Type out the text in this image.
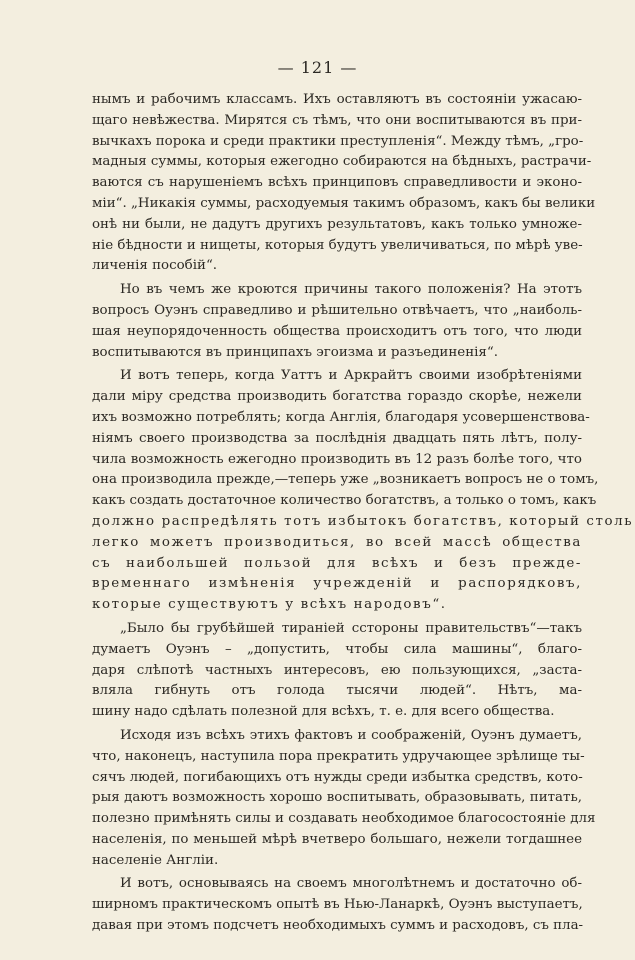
— 121 —
нымъ и рабочимъ классамъ. Ихъ оставляютъ въ состояніи ужасаю-
щаго невѣжества. Мирятся съ тѣмъ, что они воспитываются въ при-
вычкахъ порока и среди практики преступленія“. Между тѣмъ, „гро-
мадныя суммы, которыя ежегодно собираются на бѣдныхъ, растрачи-
ваются съ нарушеніемъ всѣхъ принциповъ справедливости и эконо-
міи“. „Никакія суммы, расходуемыя такимъ образомъ, какъ бы велики
онѣ ни были, не дадутъ другихъ результатовъ, какъ только умноже-
ніе бѣдности и нищеты, которыя будутъ увеличиваться, по мѣрѣ уве-
личенія пособій“.
Но въ чемъ же кроются причины такого положенія? На этотъ
вопросъ Оуэнъ справедливо и рѣшительно отвѣчаетъ, что „наиболь-
шая неупорядоченность общества происходитъ отъ того, что люди
воспитываются въ принципахъ эгоизма и разъединенія“.
И вотъ теперь, когда Уаттъ и Аркрайтъ своими изобрѣтеніями
дали міру средства производить богатства гораздо скорѣе, нежели
ихъ возможно потреблять; когда Англія, благодаря усовершенствова-
ніямъ своего производства за послѣднія двадцать пять лѣтъ, полу-
чила возможность ежегодно производить въ 12 разъ болѣе того, что
она производила прежде,—теперь уже „возникаетъ вопросъ не о томъ,
какъ создать достаточное количество богатствъ, а только о томъ, какъ
должно распредѣлять тотъ избытокъ богатствъ, который столь
легко можетъ производиться, во всей массѣ общества
съ наибольшей пользой для всѣхъ и безъ прежде-
временнаго измѣненія учрежденій и распорядковъ,
которые существуютъ у всѣхъ народовъ“.
„Было бы грубѣйшей тираніей сстороны правительствъ“—такъ
думаетъ Оуэнъ – „допустить, чтобы сила машины“, благо-
даря слѣпотѣ частныхъ интересовъ, ею пользующихся, „заста-
вляла гибнуть отъ голода тысячи людей“. Нѣтъ, ма-
шину надо сдѣлать полезной для всѣхъ, т. е. для всего общества.
Исходя изъ всѣхъ этихъ фактовъ и соображеній, Оуэнъ думаетъ,
что, наконецъ, наступила пора прекратить удручающее зрѣлище ты-
сячъ людей, погибающихъ отъ нужды среди избытка средствъ, кото-
рыя даютъ возможность хорошо воспитывать, образовывать, питать,
полезно примѣнять силы и создавать необходимое благосостояніе для
населенія, по меньшей мѣрѣ вчетверо большаго, нежели тогдашнее
населеніе Англіи.
И вотъ, основываясь на своемъ многолѣтнемъ и достаточно об-
ширномъ практическомъ опытѣ въ Нью-Ланаркѣ, Оуэнъ выступаетъ,
давая при этомъ подсчетъ необходимыхъ суммъ и расходовъ, съ пла-
